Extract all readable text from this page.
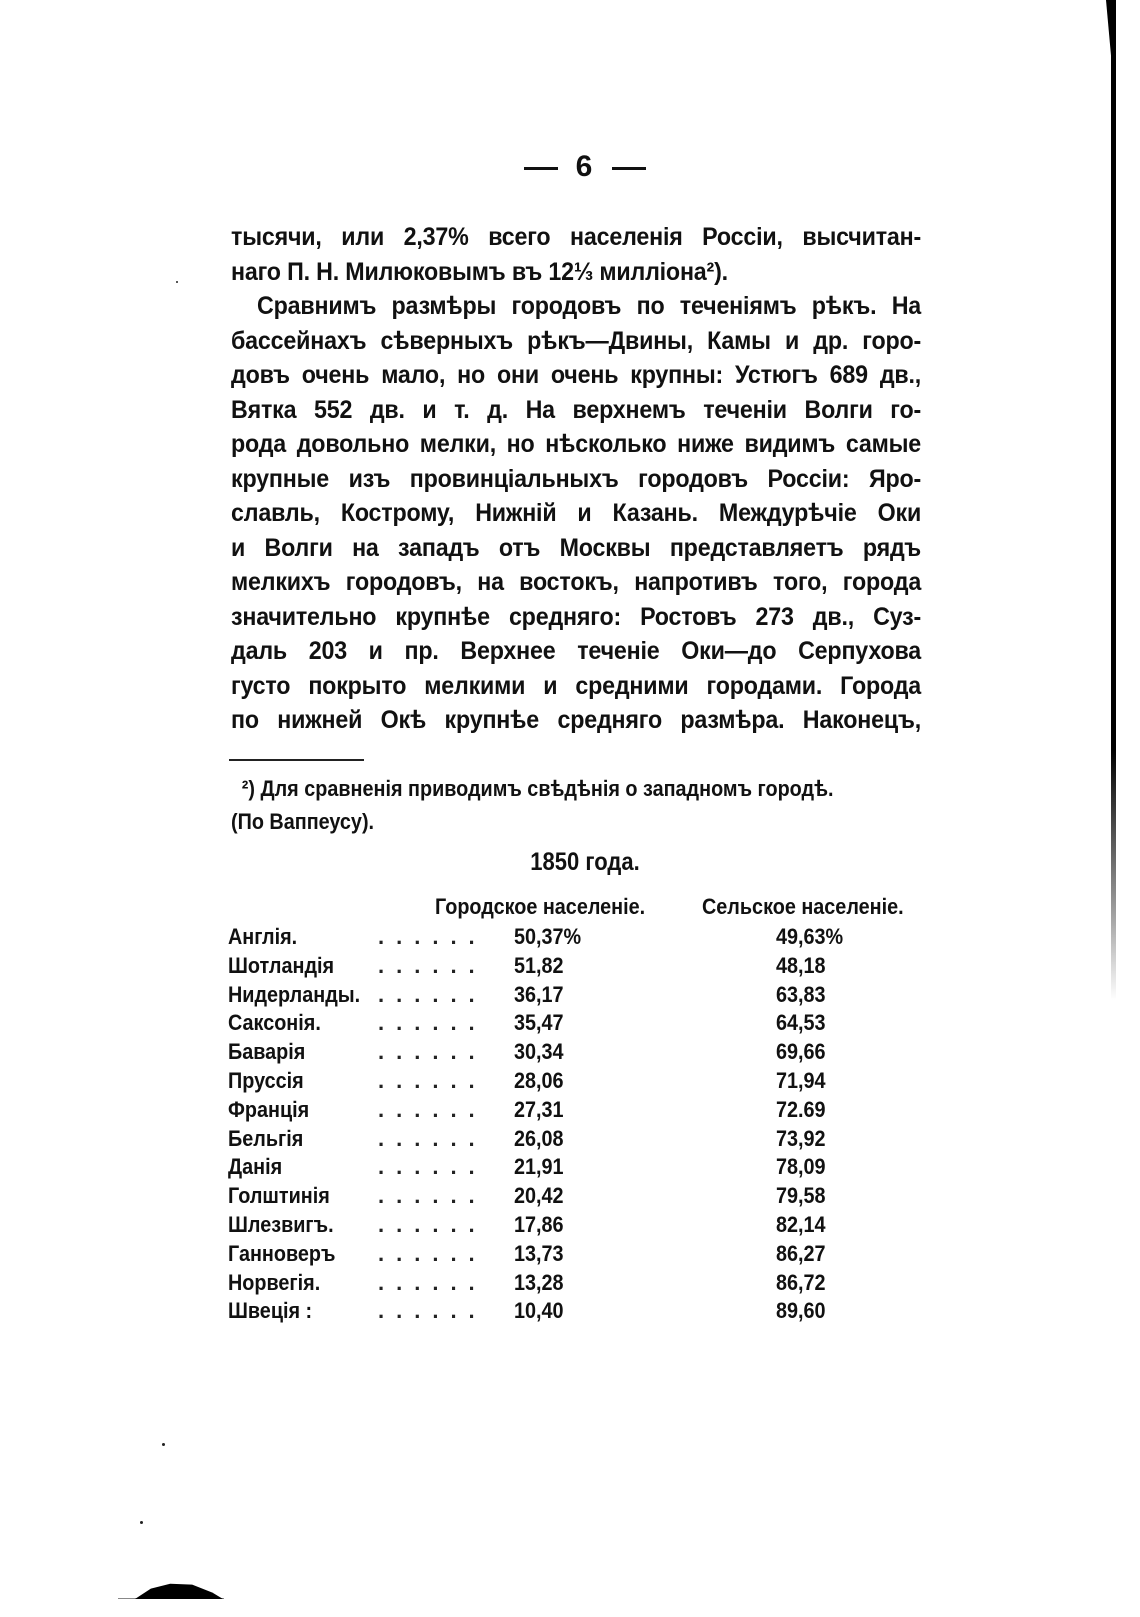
6
тысячи, или 2,37% всего населенія Россіи, высчитан-
наго П. Н. Милюковымъ въ 12⅓ милліона²).
Сравнимъ размѣры городовъ по теченіямъ рѣкъ. На
бассейнахъ сѣверныхъ рѣкъ—Двины, Камы и др. горо-
довъ очень мало, но они очень крупны: Устюгъ 689 дв.,
Вятка 552 дв. и т. д. На верхнемъ теченіи Волги го-
рода довольно мелки, но нѣсколько ниже видимъ самые
крупные изъ провинціальныхъ городовъ Россіи: Яро-
славль, Кострому, Нижній и Казань. Междурѣчіе Оки
и Волги на западъ отъ Москвы представляетъ рядъ
мелкихъ городовъ, на востокъ, напротивъ того, города
значительно крупнѣе средняго: Ростовъ 273 дв., Суз-
даль 203 и пр. Верхнее теченіе Оки—до Серпухова
густо покрыто мелкими и средними городами. Города
по нижней Окѣ крупнѣе средняго размѣра. Наконецъ,
²) Для сравненія приводимъ свѣдѣнія о западномъ городѣ.
(По Ваппеусу).
1850 года.
Городское населеніе.	Сельское населеніе.
Англія.	...... 50,37%	49,63%
Шотландія ...... 51,82	48,18
Нидерланды. ...... 36,17	63,83
Саксонія.	...... 35,47	64,53
Баварія	...... 30,34	69,66
Пруссія	...... 28,06	71,94
Франція	...... 27,31	72.69
Бельгія	...... 26,08	73,92
Данія	...... 21,91	78,09
Голштинія ...... 20,42	79,58
Шлезвигъ. ...... 17,86	82,14
Ганноверъ ...... 13,73	86,27
Норвегія.	...... 13,28	86,72
Швеція :	...... 10,40	89,60
